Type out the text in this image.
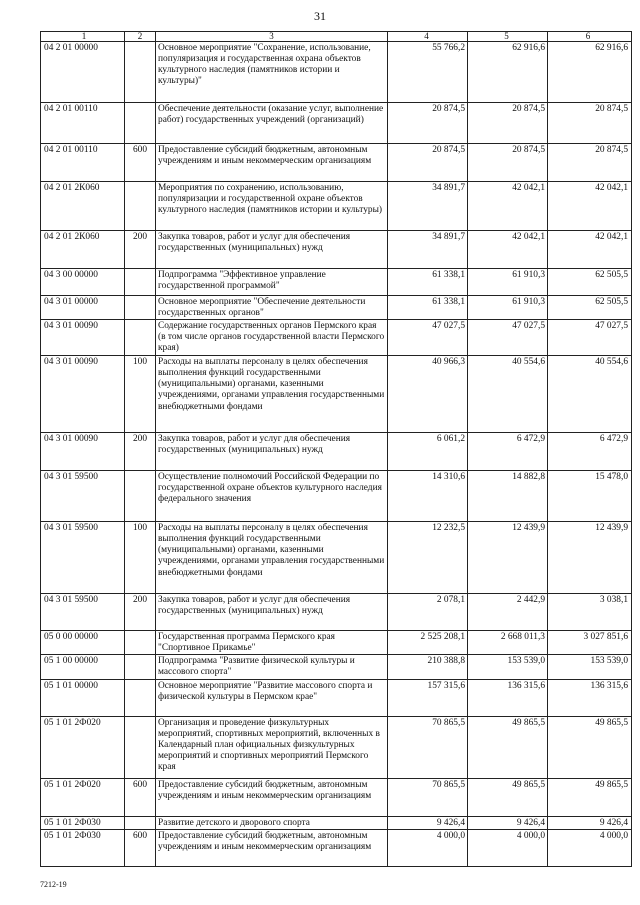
31
1	2	3	4	5	6
04 2 01 00000		Основное мероприятие "Сохранение, использование, популяризация и государственная охрана объектов культурного наследия (памятников истории и культуры)"	55 766,2	62 916,6	62 916,6
04 2 01 00110		Обеспечение деятельности (оказание услуг, выполнение работ) государственных учреждений (организаций)	20 874,5	20 874,5	20 874,5
04 2 01 00110	600	Предоставление субсидий бюджетным, автономным учреждениям и иным некоммерческим организациям	20 874,5	20 874,5	20 874,5
04 2 01 2К060		Мероприятия по сохранению, использованию, популяризации и государственной охране объектов культурного наследия (памятников истории и культуры)	34 891,7	42 042,1	42 042,1
04 2 01 2К060	200	Закупка товаров, работ и услуг для обеспечения государственных (муниципальных) нужд	34 891,7	42 042,1	42 042,1
04 3 00 00000		Подпрограмма "Эффективное управление государственной программой"	61 338,1	61 910,3	62 505,5
04 3 01 00000		Основное мероприятие "Обеспечение деятельности государственных органов"	61 338,1	61 910,3	62 505,5
04 3 01 00090		Содержание государственных органов Пермского края (в том числе органов государственной власти Пермского края)	47 027,5	47 027,5	47 027,5
04 3 01 00090	100	Расходы на выплаты персоналу в целях обеспечения выполнения функций государственными (муниципальными) органами, казенными учреждениями, органами управления государственными внебюджетными фондами	40 966,3	40 554,6	40 554,6
04 3 01 00090	200	Закупка товаров, работ и услуг для обеспечения государственных (муниципальных) нужд	6 061,2	6 472,9	6 472,9
04 3 01 59500		Осуществление полномочий Российской Федерации по государственной охране объектов культурного наследия федерального значения	14 310,6	14 882,8	15 478,0
04 3 01 59500	100	Расходы на выплаты персоналу в целях обеспечения выполнения функций государственными (муниципальными) органами, казенными учреждениями, органами управления государственными внебюджетными фондами	12 232,5	12 439,9	12 439,9
04 3 01 59500	200	Закупка товаров, работ и услуг для обеспечения государственных (муниципальных) нужд	2 078,1	2 442,9	3 038,1
05 0 00 00000		Государственная программа Пермского края "Спортивное Прикамье"	2 525 208,1	2 668 011,3	3 027 851,6
05 1 00 00000		Подпрограмма "Развитие физической культуры и массового спорта"	210 388,8	153 539,0	153 539,0
05 1 01 00000		Основное мероприятие "Развитие массового спорта и физической культуры в Пермском крае"	157 315,6	136 315,6	136 315,6
05 1 01 2Ф020		Организация и проведение физкультурных мероприятий, спортивных мероприятий, включенных в Календарный план официальных физкультурных мероприятий и спортивных мероприятий Пермского края	70 865,5	49 865,5	49 865,5
05 1 01 2Ф020	600	Предоставление субсидий бюджетным, автономным учреждениям и иным некоммерческим организациям	70 865,5	49 865,5	49 865,5
05 1 01 2Ф030		Развитие детского и дворового спорта	9 426,4	9 426,4	9 426,4
05 1 01 2Ф030	600	Предоставление субсидий бюджетным, автономным учреждениям и иным некоммерческим организациям	4 000,0	4 000,0	4 000,0
7212-19
